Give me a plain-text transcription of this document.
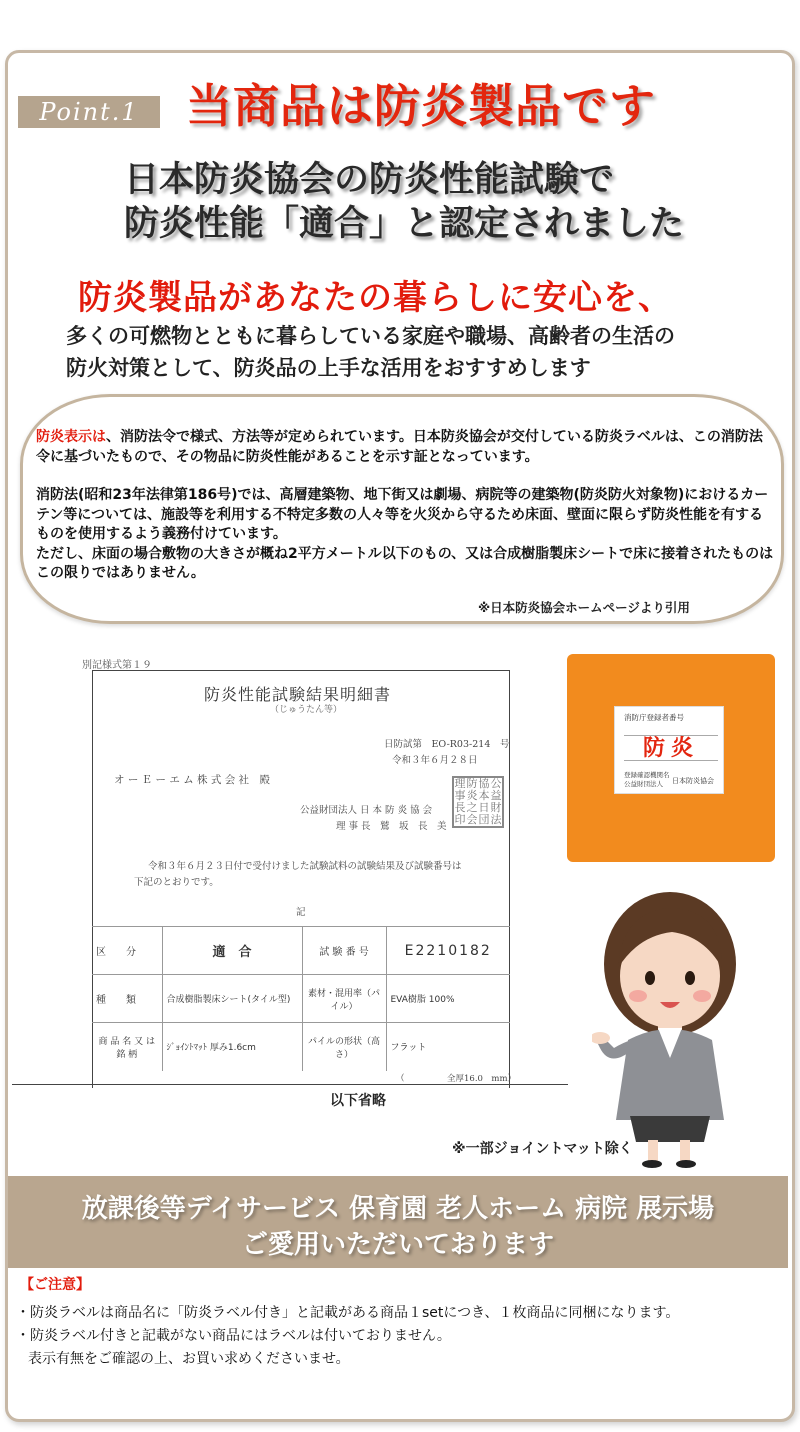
Point.1	当商品は防炎製品です
日本防炎協会の防炎性能試験で
防炎性能「適合」と認定されました
防炎製品があなたの暮らしに安心を、
多くの可燃物とともに暮らしている家庭や職場、高齢者の生活の
防火対策として、防炎品の上手な活用をおすすめします
防炎表示は、消防法令で様式、方法等が定められています。日本防炎協会が交付している防炎ラベルは、この消防法令に基づいたもので、その物品に防炎性能があることを示す証となっています。
消防法(昭和23年法律第186号)では、高層建築物、地下街又は劇場、病院等の建築物(防炎防火対象物)におけるカーテン等については、施設等を利用する不特定多数の人々等を火災から守るため床面、壁面に限らず防炎性能を有するものを使用するよう義務付けています。
ただし、床面の場合敷物の大きさが概ね2平方メートル以下のもの、又は合成樹脂製床シートで床に接着されたものはこの限りではありません。
※日本防炎協会ホームページより引用
別記様式第１９
防炎性能試験結果明細書
（じゅうたん等）
日防試第　EO-R03-214　号
令和３年６月２８日
オ ー Ｅ ー エ ム 株 式 会 社　殿
公益財団法人 日 本 防 炎 協 会
理 事 長　鷲　坂　長　美
理 防 協 公
事 炎 本 益
長 之 日 財
印 会 団 法
令和３年６月２３日付で受付けました試験試料の試験結果及び試験番号は
下記のとおりです。
記
区　　分	適　合	試 験 番 号	E2210182
種　　類	合成樹脂製床シート(タイル型)	素材・混用率（パイル）	EVA樹脂 100%
商 品 名 又 は 銘 柄	ｼﾞｮｲﾝﾄﾏｯﾄ 厚み1.6cm	パイルの形状（高さ）	フラット
（　　　　　全厚16.0　mm）
以下省略
消防庁登録者番号
防炎
登録確認機関名
公益財団法人 日本防炎協会
※一部ジョイントマット除く
放課後等デイサービス 保育園 老人ホーム 病院 展示場
ご愛用いただいております
【ご注意】
・防炎ラベルは商品名に「防炎ラベル付き」と記載がある商品１setにつき、１枚商品に同梱になります。
・防炎ラベル付きと記載がない商品にはラベルは付いておりません。
表示有無をご確認の上、お買い求めくださいませ。
